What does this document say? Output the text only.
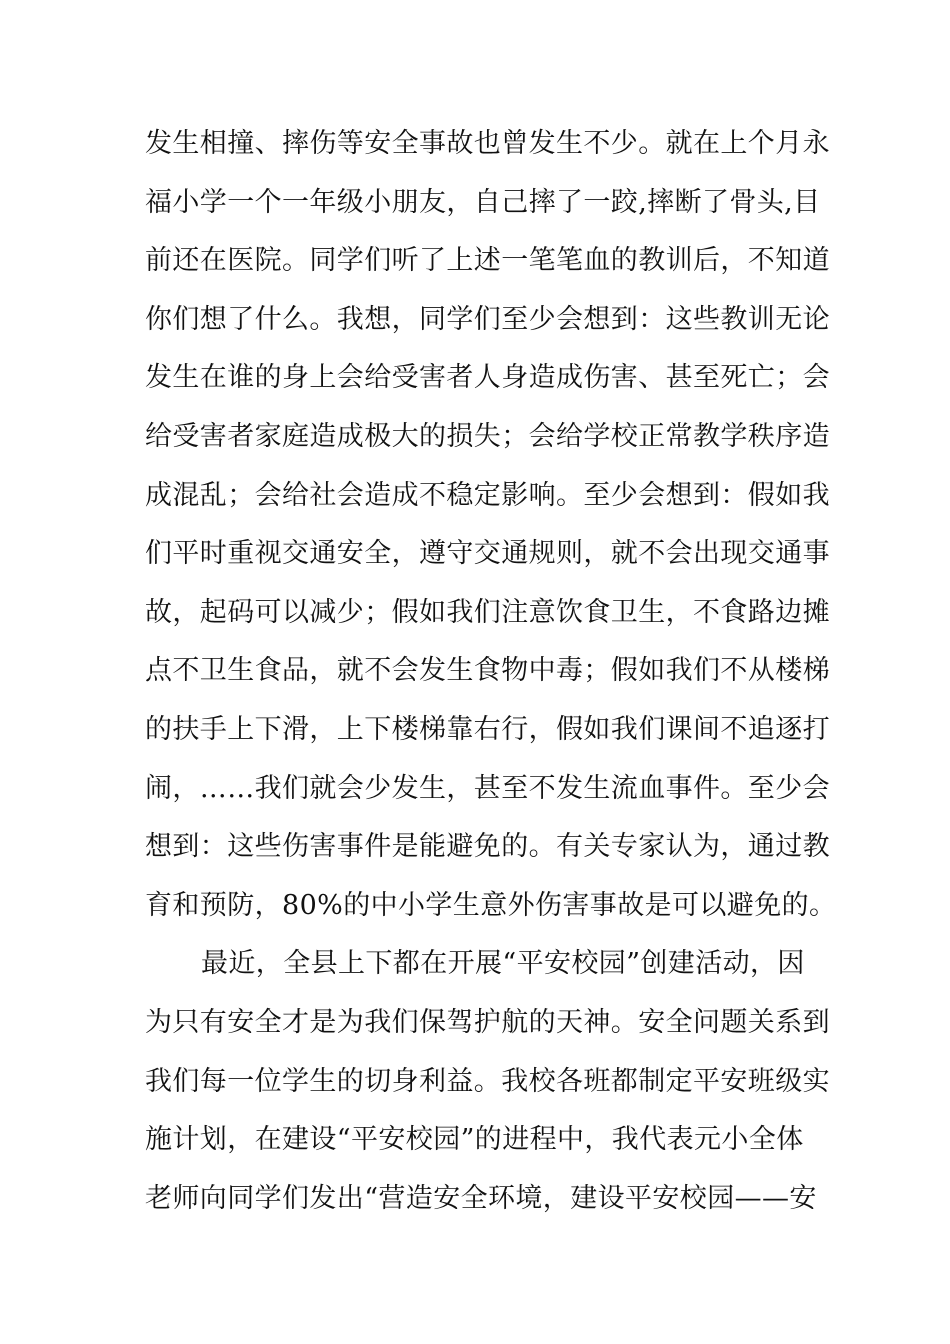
发生相撞、摔伤等安全事故也曾发生不少。就在上个月永
福小学一个一年级小朋友，自己摔了一跤,摔断了骨头,目
前还在医院。同学们听了上述一笔笔血的教训后，不知道
你们想了什么。我想，同学们至少会想到：这些教训无论
发生在谁的身上会给受害者人身造成伤害、甚至死亡；会
给受害者家庭造成极大的损失；会给学校正常教学秩序造
成混乱；会给社会造成不稳定影响。至少会想到：假如我
们平时重视交通安全，遵守交通规则，就不会出现交通事
故，起码可以减少；假如我们注意饮食卫生，不食路边摊
点不卫生食品，就不会发生食物中毒；假如我们不从楼梯
的扶手上下滑，上下楼梯靠右行，假如我们课间不追逐打
闹，……我们就会少发生，甚至不发生流血事件。至少会
想到：这些伤害事件是能避免的。有关专家认为，通过教
育和预防，80%的中小学生意外伤害事故是可以避免的。
最近，全县上下都在开展“平安校园”创建活动，因
为只有安全才是为我们保驾护航的天神。安全问题关系到
我们每一位学生的切身利益。我校各班都制定平安班级实
施计划，在建设“平安校园”的进程中，我代表元小全体
老师向同学们发出“营造安全环境，建设平安校园——安
